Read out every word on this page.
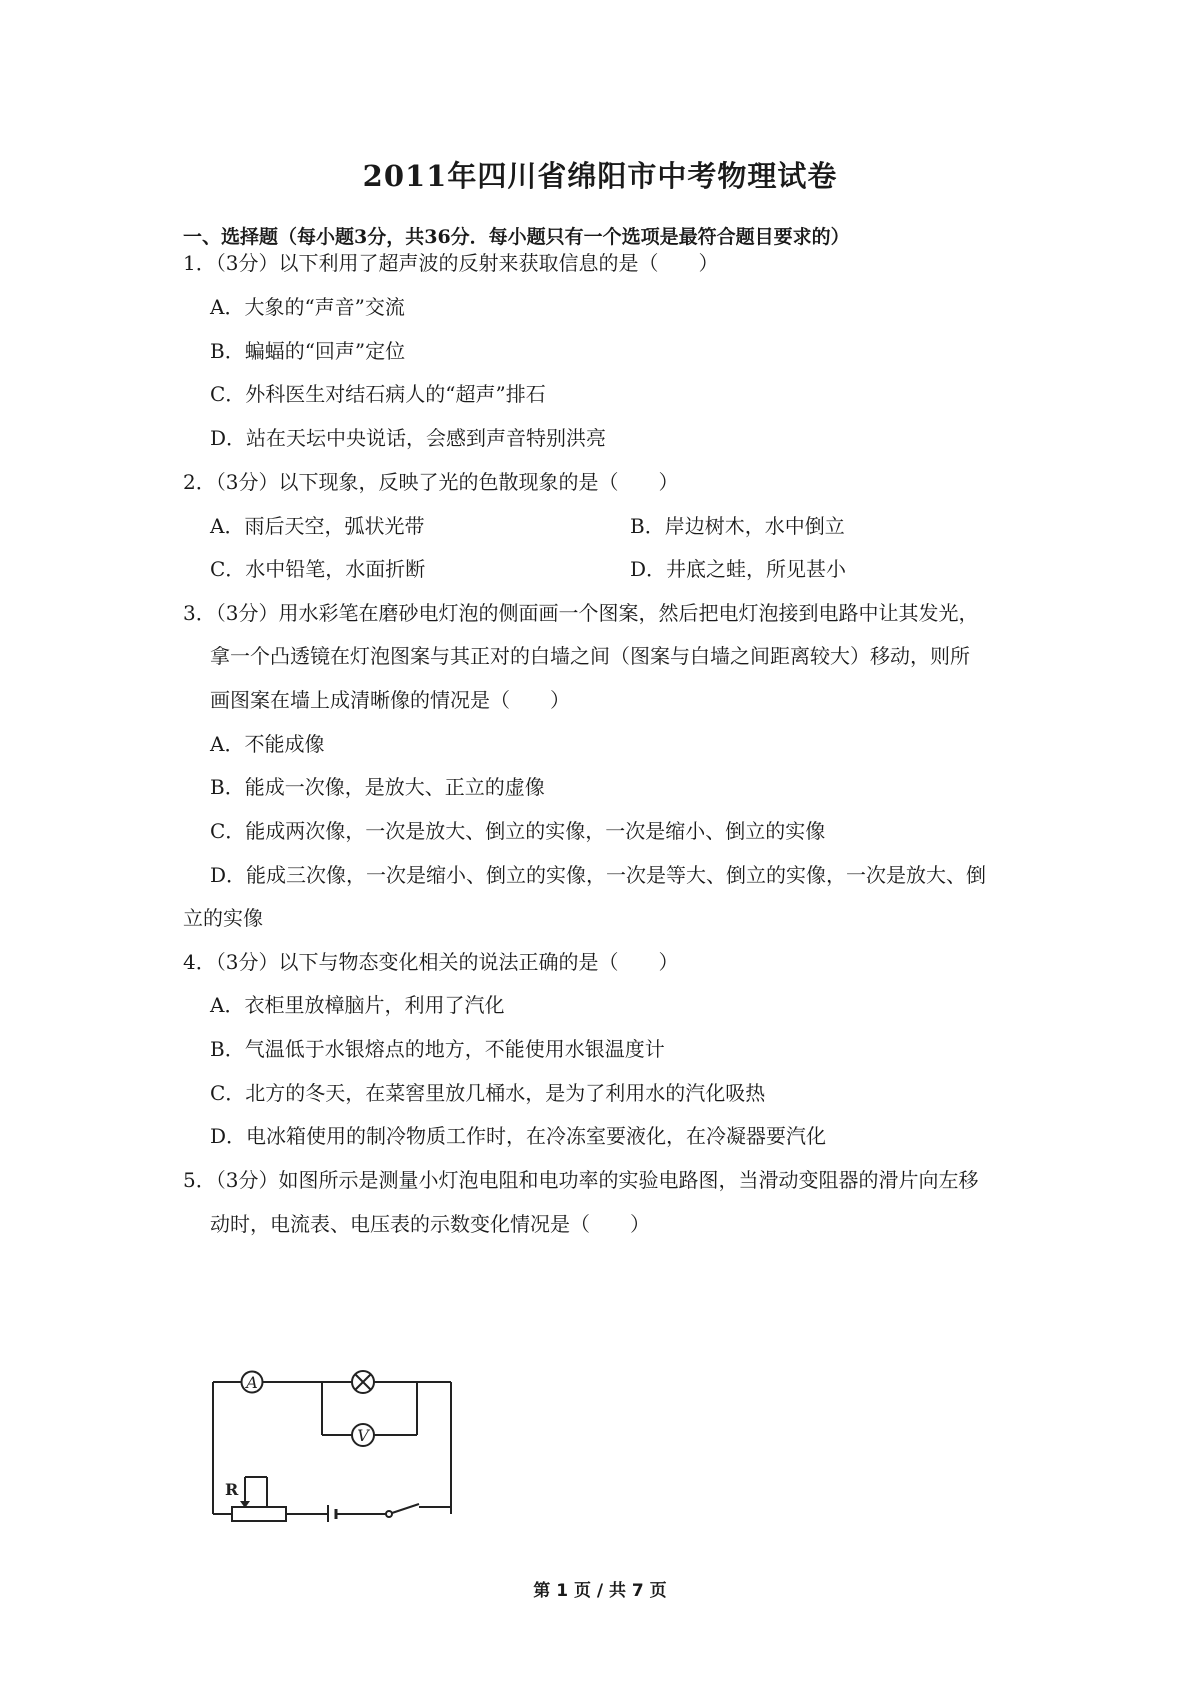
2011年四川省绵阳市中考物理试卷
一、选择题（每小题3分，共36分．每小题只有一个选项是最符合题目要求的）
1．（3分）以下利用了超声波的反射来获取信息的是（　　）
A．大象的“声音”交流
B．蝙蝠的“回声”定位
C．外科医生对结石病人的“超声”排石
D．站在天坛中央说话，会感到声音特别洪亮
2．（3分）以下现象，反映了光的色散现象的是（　　）
A．雨后天空，弧状光带	B．岸边树木，水中倒立
C．水中铅笔，水面折断	D．井底之蛙，所见甚小
3．（3分）用水彩笔在磨砂电灯泡的侧面画一个图案，然后把电灯泡接到电路中让其发光，
拿一个凸透镜在灯泡图案与其正对的白墙之间（图案与白墙之间距离较大）移动，则所
画图案在墙上成清晰像的情况是（　　）
A．不能成像
B．能成一次像，是放大、正立的虚像
C．能成两次像，一次是放大、倒立的实像，一次是缩小、倒立的实像
D．能成三次像，一次是缩小、倒立的实像，一次是等大、倒立的实像，一次是放大、倒
立的实像
4．（3分）以下与物态变化相关的说法正确的是（　　）
A．衣柜里放樟脑片，利用了汽化
B．气温低于水银熔点的地方，不能使用水银温度计
C．北方的冬天，在菜窖里放几桶水，是为了利用水的汽化吸热
D．电冰箱使用的制冷物质工作时，在冷冻室要液化，在冷凝器要汽化
5．（3分）如图所示是测量小灯泡电阻和电功率的实验电路图，当滑动变阻器的滑片向左移
动时，电流表、电压表的示数变化情况是（　　）
A
V
R
第 1 页 / 共 7 页
